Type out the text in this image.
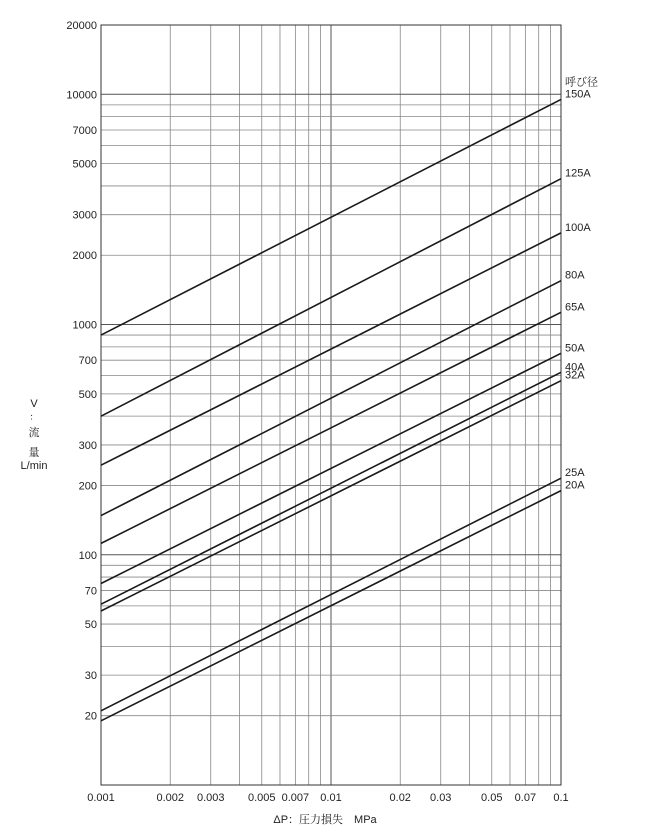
20
30
50
70
100
200
300
500
700
1000
2000
3000
5000
7000
10000
20000
0.001	0.002 0.003 0.005 0.007 0.01	0.02 0.03	0.05 0.07 0.1
150A
呼び径
125A
100A
80A
65A
50A
40A
32A
25A
20A
V
：
流
量
L/min
ΔP：圧力損失　MPa
